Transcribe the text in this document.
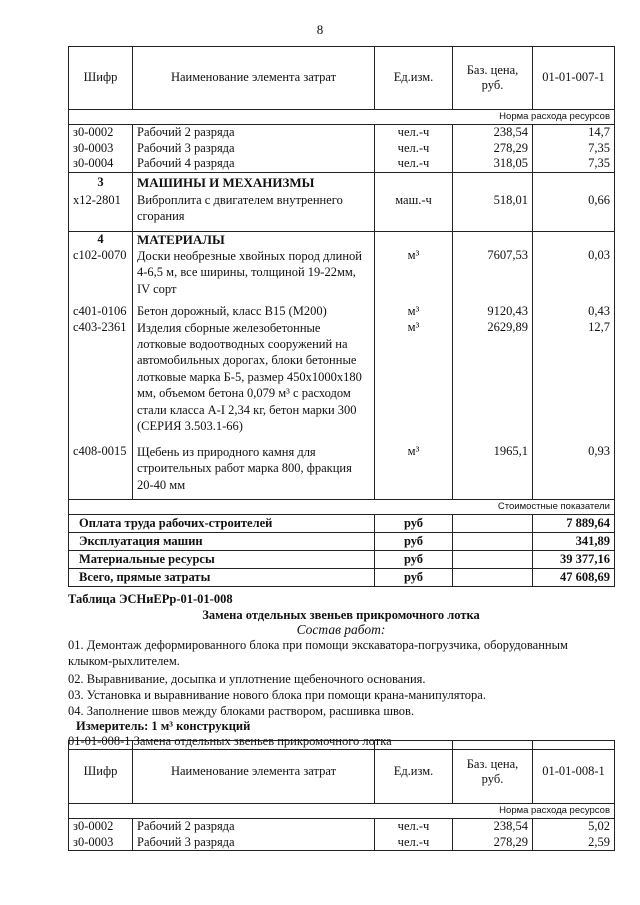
8
Шифр	Наименование элемента затрат	Ед.изм.	Баз. цена, руб.	01-01-007-1
Норма расхода ресурсов				
з0-0002	Рабочий 2 разряда	чел.-ч	238,54	14,7
з0-0003	Рабочий 3 разряда	чел.-ч	278,29	7,35
з0-0004	Рабочий 4 разряда	чел.-ч	318,05	7,35
3	МАШИНЫ И МЕХАНИЗМЫ			
х12-2801	Виброплита с двигателем внутреннего сгорания	маш.-ч	518,01	0,66
4	МАТЕРИАЛЫ			
с102-0070	Доски необрезные хвойных пород длиной 4-6,5 м, все ширины, толщиной 19-22мм, IV сорт	м³	7607,53	0,03
с401-0106	Бетон дорожный, класс В15 (М200)	м³	9120,43	0,43
с403-2361	Изделия сборные железобетонные лотковые водоотводных сооружений на автомобильных дорогах, блоки бетонные лотковые марка Б-5, размер 450х1000х180 мм, объемом бетона 0,079 м³ с расходом стали класса А-I 2,34 кг, бетон марки 300 (СЕРИЯ 3.503.1-66)	м³	2629,89	12,7
с408-0015	Щебень из природного камня для строительных работ марка 800, фракция 20-40 мм	м³	1965,1	0,93
Стоимостные показатели				
Оплата труда рабочих-строителей		руб		7 889,64
Эксплуатация машин		руб		341,89
Материальные ресурсы		руб		39 377,16
Всего, прямые затраты		руб		47 608,69
Таблица ЭСНиЕРр-01-01-008
Замена отдельных звеньев прикромочного лотка
Состав работ:
01. Демонтаж деформированного блока при помощи экскаватора-погрузчика, оборудованным клыком-рыхлителем.
02. Выравнивание, досыпка и уплотнение щебеночного основания.
03. Установка и выравнивание нового блока при помощи крана-манипулятора.
04. Заполнение швов между блоками раствором, расшивка швов.
Измеритель: 1 м³ конструкций
01-01-008-1 Замена отдельных звеньев прикромочного лотка
Шифр	Наименование элемента затрат	Ед.изм.	Баз. цена, руб.	01-01-008-1
Норма расхода ресурсов				
з0-0002	Рабочий 2 разряда	чел.-ч	238,54	5,02
з0-0003	Рабочий 3 разряда	чел.-ч	278,29	2,59
